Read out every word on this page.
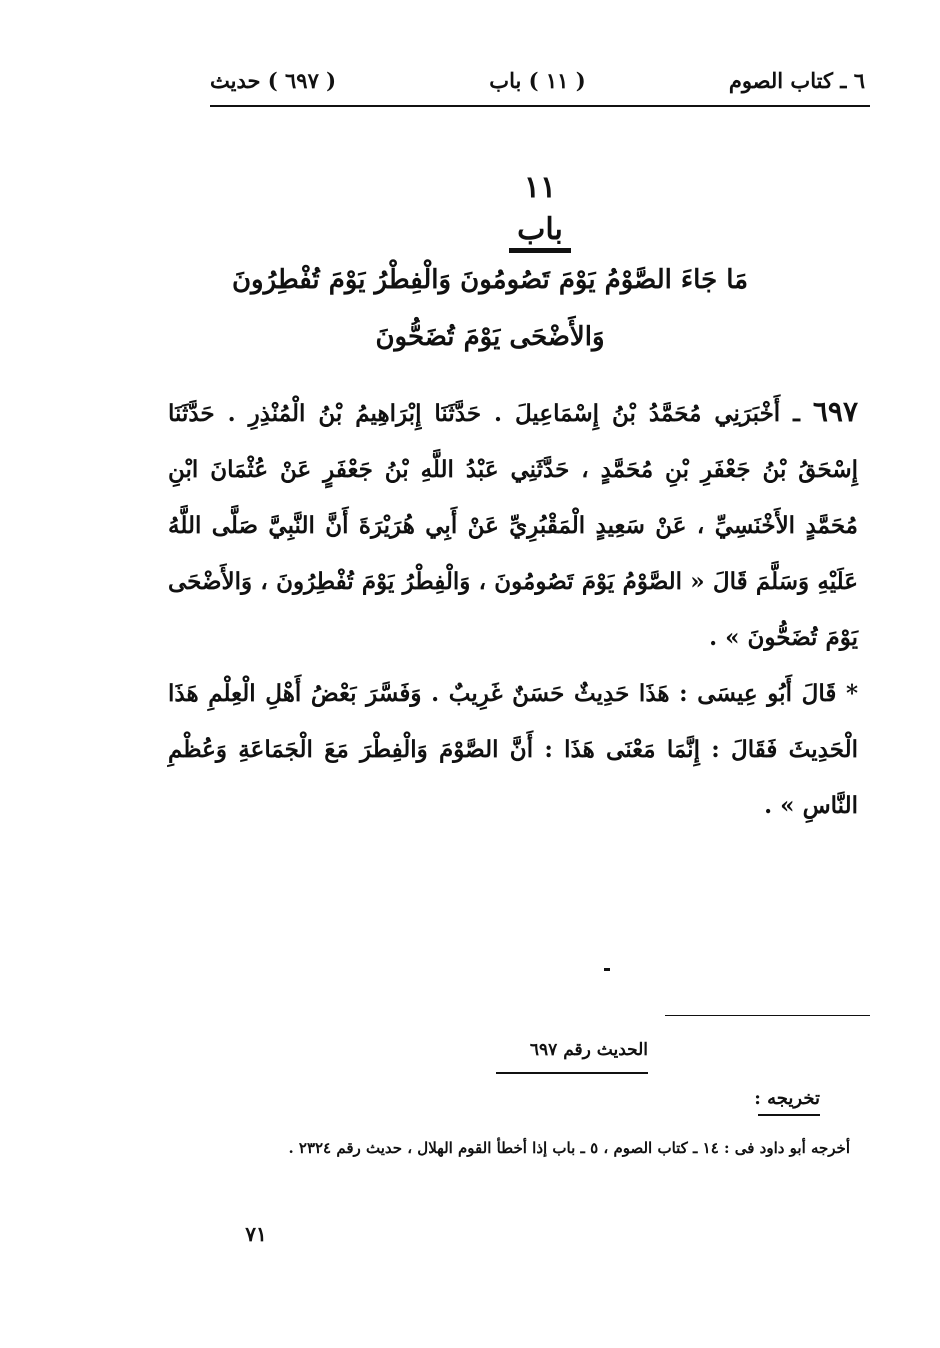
٦ ـ كتاب الصوم
( ١١ ) باب
( ٦٩٧ ) حديث
١١
باب
مَا جَاءَ الصَّوْمُ يَوْمَ تَصُومُونَ وَالْفِطْرُ يَوْمَ تُفْطِرُونَ
وَالأَضْحَى يَوْمَ تُضَحُّونَ

٦٩٧ ـ أَخْبَرَنِي مُحَمَّدُ بْنُ إِسْمَاعِيلَ . حَدَّثَنَا إِبْرَاهِيمُ بْنُ الْمُنْذِرِ . حَدَّثَنَا إِسْحَقُ بْنُ جَعْفَرِ بْنِ مُحَمَّدٍ ، حَدَّثَنِي عَبْدُ اللَّهِ بْنُ جَعْفَرٍ عَنْ عُثْمَانَ ابْنِ مُحَمَّدٍ الأَخْنَسِيِّ ، عَنْ سَعِيدٍ الْمَقْبُرِيِّ عَنْ أَبِي هُرَيْرَةَ أَنَّ النَّبِيَّ صَلَّى اللَّهُ عَلَيْهِ وَسَلَّمَ قَالَ « الصَّوْمُ يَوْمَ تَصُومُونَ ، وَالْفِطْرُ يَوْمَ تُفْطِرُونَ ، وَالأَضْحَى يَوْمَ تُضَحُّونَ » .

* قَالَ أَبُو عِيسَى : هَذَا حَدِيثٌ حَسَنٌ غَرِيبٌ . وَفَسَّرَ بَعْضُ أَهْلِ الْعِلْمِ هَذَا الْحَدِيثَ فَقَالَ : إِنَّمَا مَعْنَى هَذَا : أَنَّ الصَّوْمَ وَالْفِطْرَ مَعَ الْجَمَاعَةِ وَعُظْمِ النَّاسِ » .

الحديث رقم ٦٩٧
تخريجه :

أخرجه أبو داود فى : ١٤ ـ كتاب الصوم ، ٥ ـ باب إذا أخطأ القوم الهلال ، حديث رقم ٢٣٢٤ .

٧١
